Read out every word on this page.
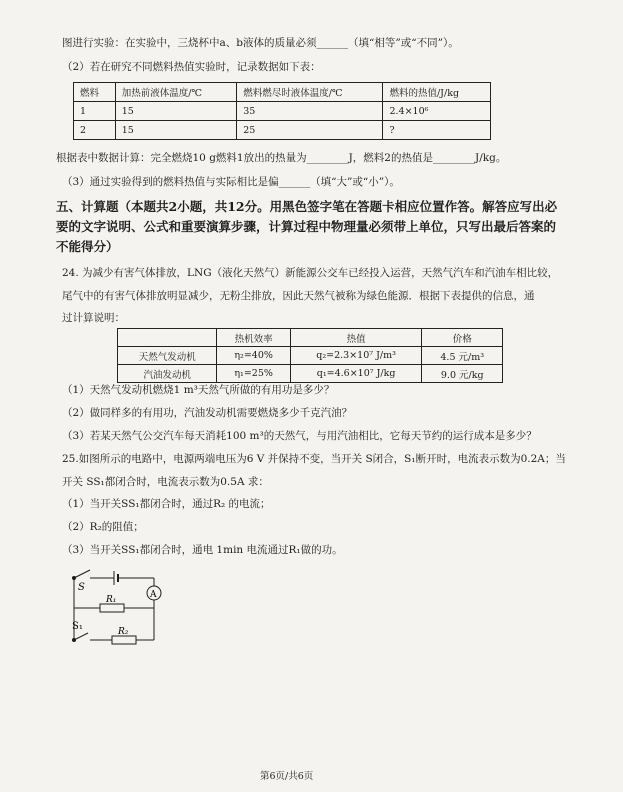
图进行实验：在实验中，三烧杯中a、b液体的质量必须______（填“相等”或“不同”）。
（2）若在研究不同燃料热值实验时，记录数据如下表：
燃料	加热前液体温度/℃	燃料燃尽时液体温度/℃	燃料的热值/J/kg
1	15	35	2.4×10⁶
2	15	25	?
根据表中数据计算：完全燃烧10 g燃料1放出的热量为________J，燃料2的热值是________J/kg。
（3）通过实验得到的燃料热值与实际相比是偏______（填“大”或“小”）。
五、计算题（本题共2小题，共12分。用黑色签字笔在答题卡相应位置作答。解答应写出必
要的文字说明、公式和重要演算步骤，计算过程中物理量必须带上单位，只写出最后答案的
不能得分）
24. 为减少有害气体排放，LNG（液化天然气）新能源公交车已经投入运营，天然气汽车和汽油车相比较，
尾气中的有害气体排放明显减少，无粉尘排放，因此天然气被称为绿色能源．根据下表提供的信息，通
过计算说明：
	热机效率	热值	价格
天然气发动机	η₂=40%	q₂=2.3×10⁷ J/m³	4.5 元/m³
汽油发动机	η₁=25%	q₁=4.6×10⁷ J/kg	9.0 元/kg
（1）天然气发动机燃烧1 m³天然气所做的有用功是多少？
（2）做同样多的有用功，汽油发动机需要燃烧多少千克汽油？
（3）若某天然气公交汽车每天消耗100 m³的天然气，与用汽油相比，它每天节约的运行成本是多少？
25.如图所示的电路中，电源两端电压为6 V 并保持不变，当开关 S闭合，S₁断开时，电流表示数为0.2A；当
开关 SS₁都闭合时，电流表示数为0.5A 求：
（1）当开关SS₁都闭合时，通过R₂ 的电流；
（2）R₂的阻值；
（3）当开关SS₁都闭合时，通电 1min 电流通过R₁做的功。
S
R₁	A
S₁	R₂
第6页/共6页
